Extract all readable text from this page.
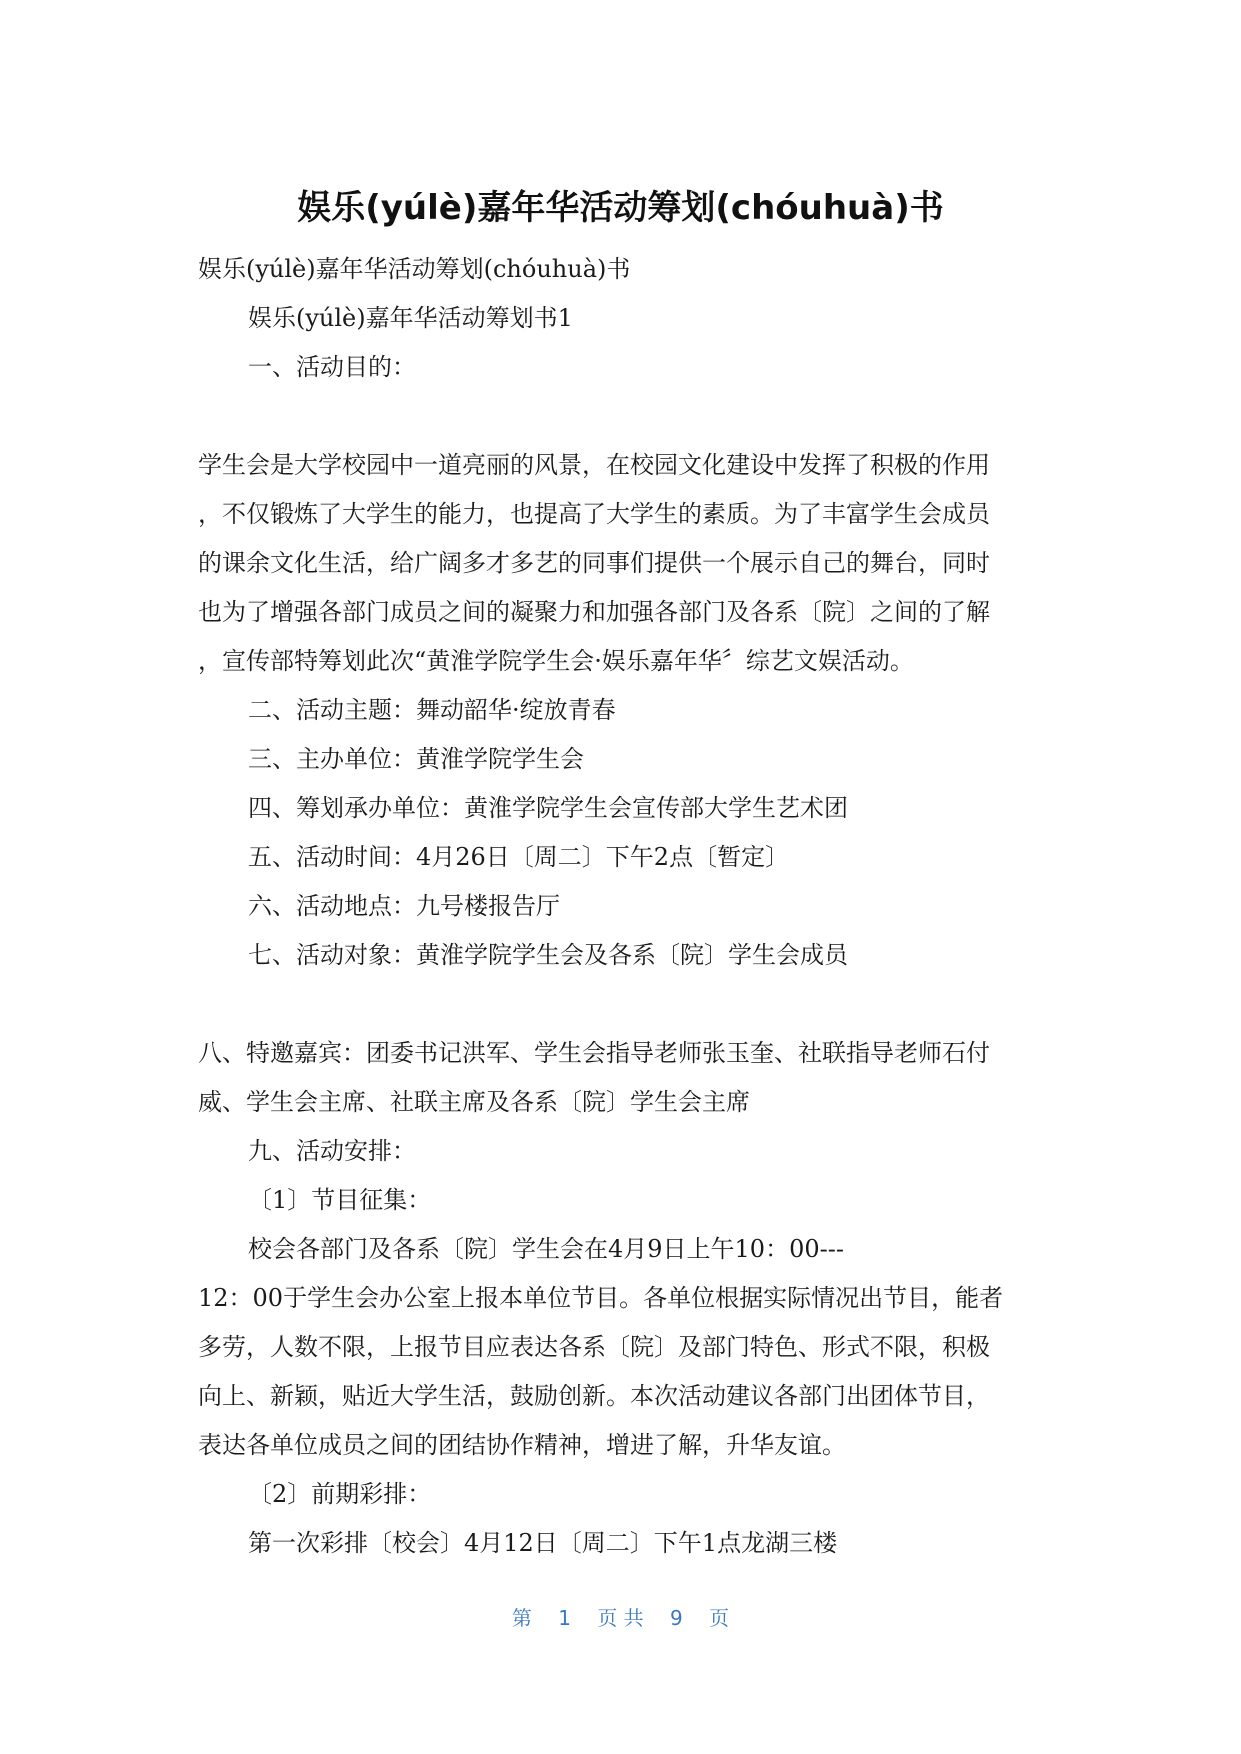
娱乐(yúlè)嘉年华活动筹划(chóuhuà)书
娱乐(yúlè)嘉年华活动筹划(chóuhuà)书
娱乐(yúlè)嘉年华活动筹划书1
一、活动目的：
学生会是大学校园中一道亮丽的风景，在校园文化建设中发挥了积极的作用
，不仅锻炼了大学生的能力，也提高了大学生的素质。为了丰富学生会成员
的课余文化生活，给广阔多才多艺的同事们提供一个展示自己的舞台，同时
也为了增强各部门成员之间的凝聚力和加强各部门及各系〔院〕之间的了解
，宣传部特筹划此次“黄淮学院学生会·娱乐嘉年华〞综艺文娱活动。
二、活动主题：舞动韶华·绽放青春
三、主办单位：黄淮学院学生会
四、筹划承办单位：黄淮学院学生会宣传部大学生艺术团
五、活动时间：4月26日〔周二〕下午2点〔暂定〕
六、活动地点：九号楼报告厅
七、活动对象：黄淮学院学生会及各系〔院〕学生会成员
八、特邀嘉宾：团委书记洪军、学生会指导老师张玉奎、社联指导老师石付
威、学生会主席、社联主席及各系〔院〕学生会主席
九、活动安排：
〔1〕节目征集：
校会各部门及各系〔院〕学生会在4月9日上午10：00---
12：00于学生会办公室上报本单位节目。各单位根据实际情况出节目，能者
多劳，人数不限，上报节目应表达各系〔院〕及部门特色、形式不限，积极
向上、新颖，贴近大学生活，鼓励创新。本次活动建议各部门出团体节目，
表达各单位成员之间的团结协作精神，增进了解，升华友谊。
〔2〕前期彩排：
第一次彩排〔校会〕4月12日〔周二〕下午1点龙湖三楼
第 1 页 共 9 页
